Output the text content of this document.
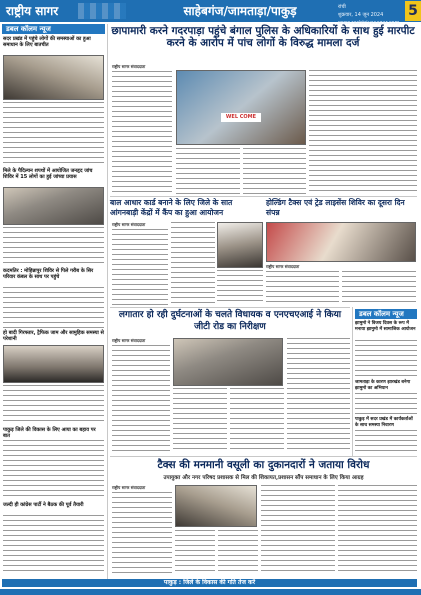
राष्ट्रीय सागर	साहेबगंज/जामताड़ा/पाकुड़	रांची
शुक्रवार, 14 जून 2024
www.rashtriyasagar.com
5
डबल कॉलम न्यूज
सदर प्रखंड में पहुंचे लोगों की समस्याओं का हुआ समाधान के लिए बातचीत
मिले के पैदिल्यन शपथों में आयोजित जनहृद जांच शिविर में 15 लोगों का हुई जांच्या प्रयास
कदमतिर : मोहिन्नापुर शिविर से पिले गरीब के सिर परिवार कंबल के साथ पर पहुंचे
हो बादी गिरफ्तार, ट्रैफिक जाम और सामुहिक समस्या से परेशानी
पाकुड़ जिले की विकास के लिए आया का बहाव पर बात
जल्दी ही कांग्रेस पार्टी ने बैठक की पूर्व तैयारी
छापामारी करने गदरपाड़ा पहुंचे बंगाल पुलिस के अधिकारियों के साथ हुई मारपीट करने के आरोप में पांच लोगों के विरुद्ध मामला दर्ज
राष्ट्रीय सागर संवाददाता
WEL COME
बाल आधार कार्ड बनाने के लिए जिले के सात आंगनबाड़ी केंद्रों में कैंप का हुआ आयोजन
राष्ट्रीय सागर संवाददाता
होल्डिंग टैक्स एवं ट्रेड लाइसेंस शिविर का दूसरा दिन संपन्न
राष्ट्रीय सागर संवाददाता
लगातार हो रही दुर्घटनाओं के चलते विधायक व एनएचएआई ने किया जीटी रोड का निरीक्षण
राष्ट्रीय सागर संवाददाता
डबल कॉलम न्यूज
झामुमो ने विजय दिवस के रूप में मनाया झामुमो में सामाजिक आयोजन
जामताड़ा के कारण झारखंड बनेगा झामुमो का अभियान
पाकुड़ में सदर प्रखंड में कार्यकर्ताओं के साथ समस्या निवारण
टैक्स की मनमानी वसूली का दुकानदारों ने जताया विरोध
उपायुक्त और नगर परिषद प्रशासक से मिल की शिकायत,प्रशासन सौंप समाधान के लिए किया आग्रह
राष्ट्रीय सागर संवाददाता
पाकुड़ : जिले के विकास की गति तेज करें
